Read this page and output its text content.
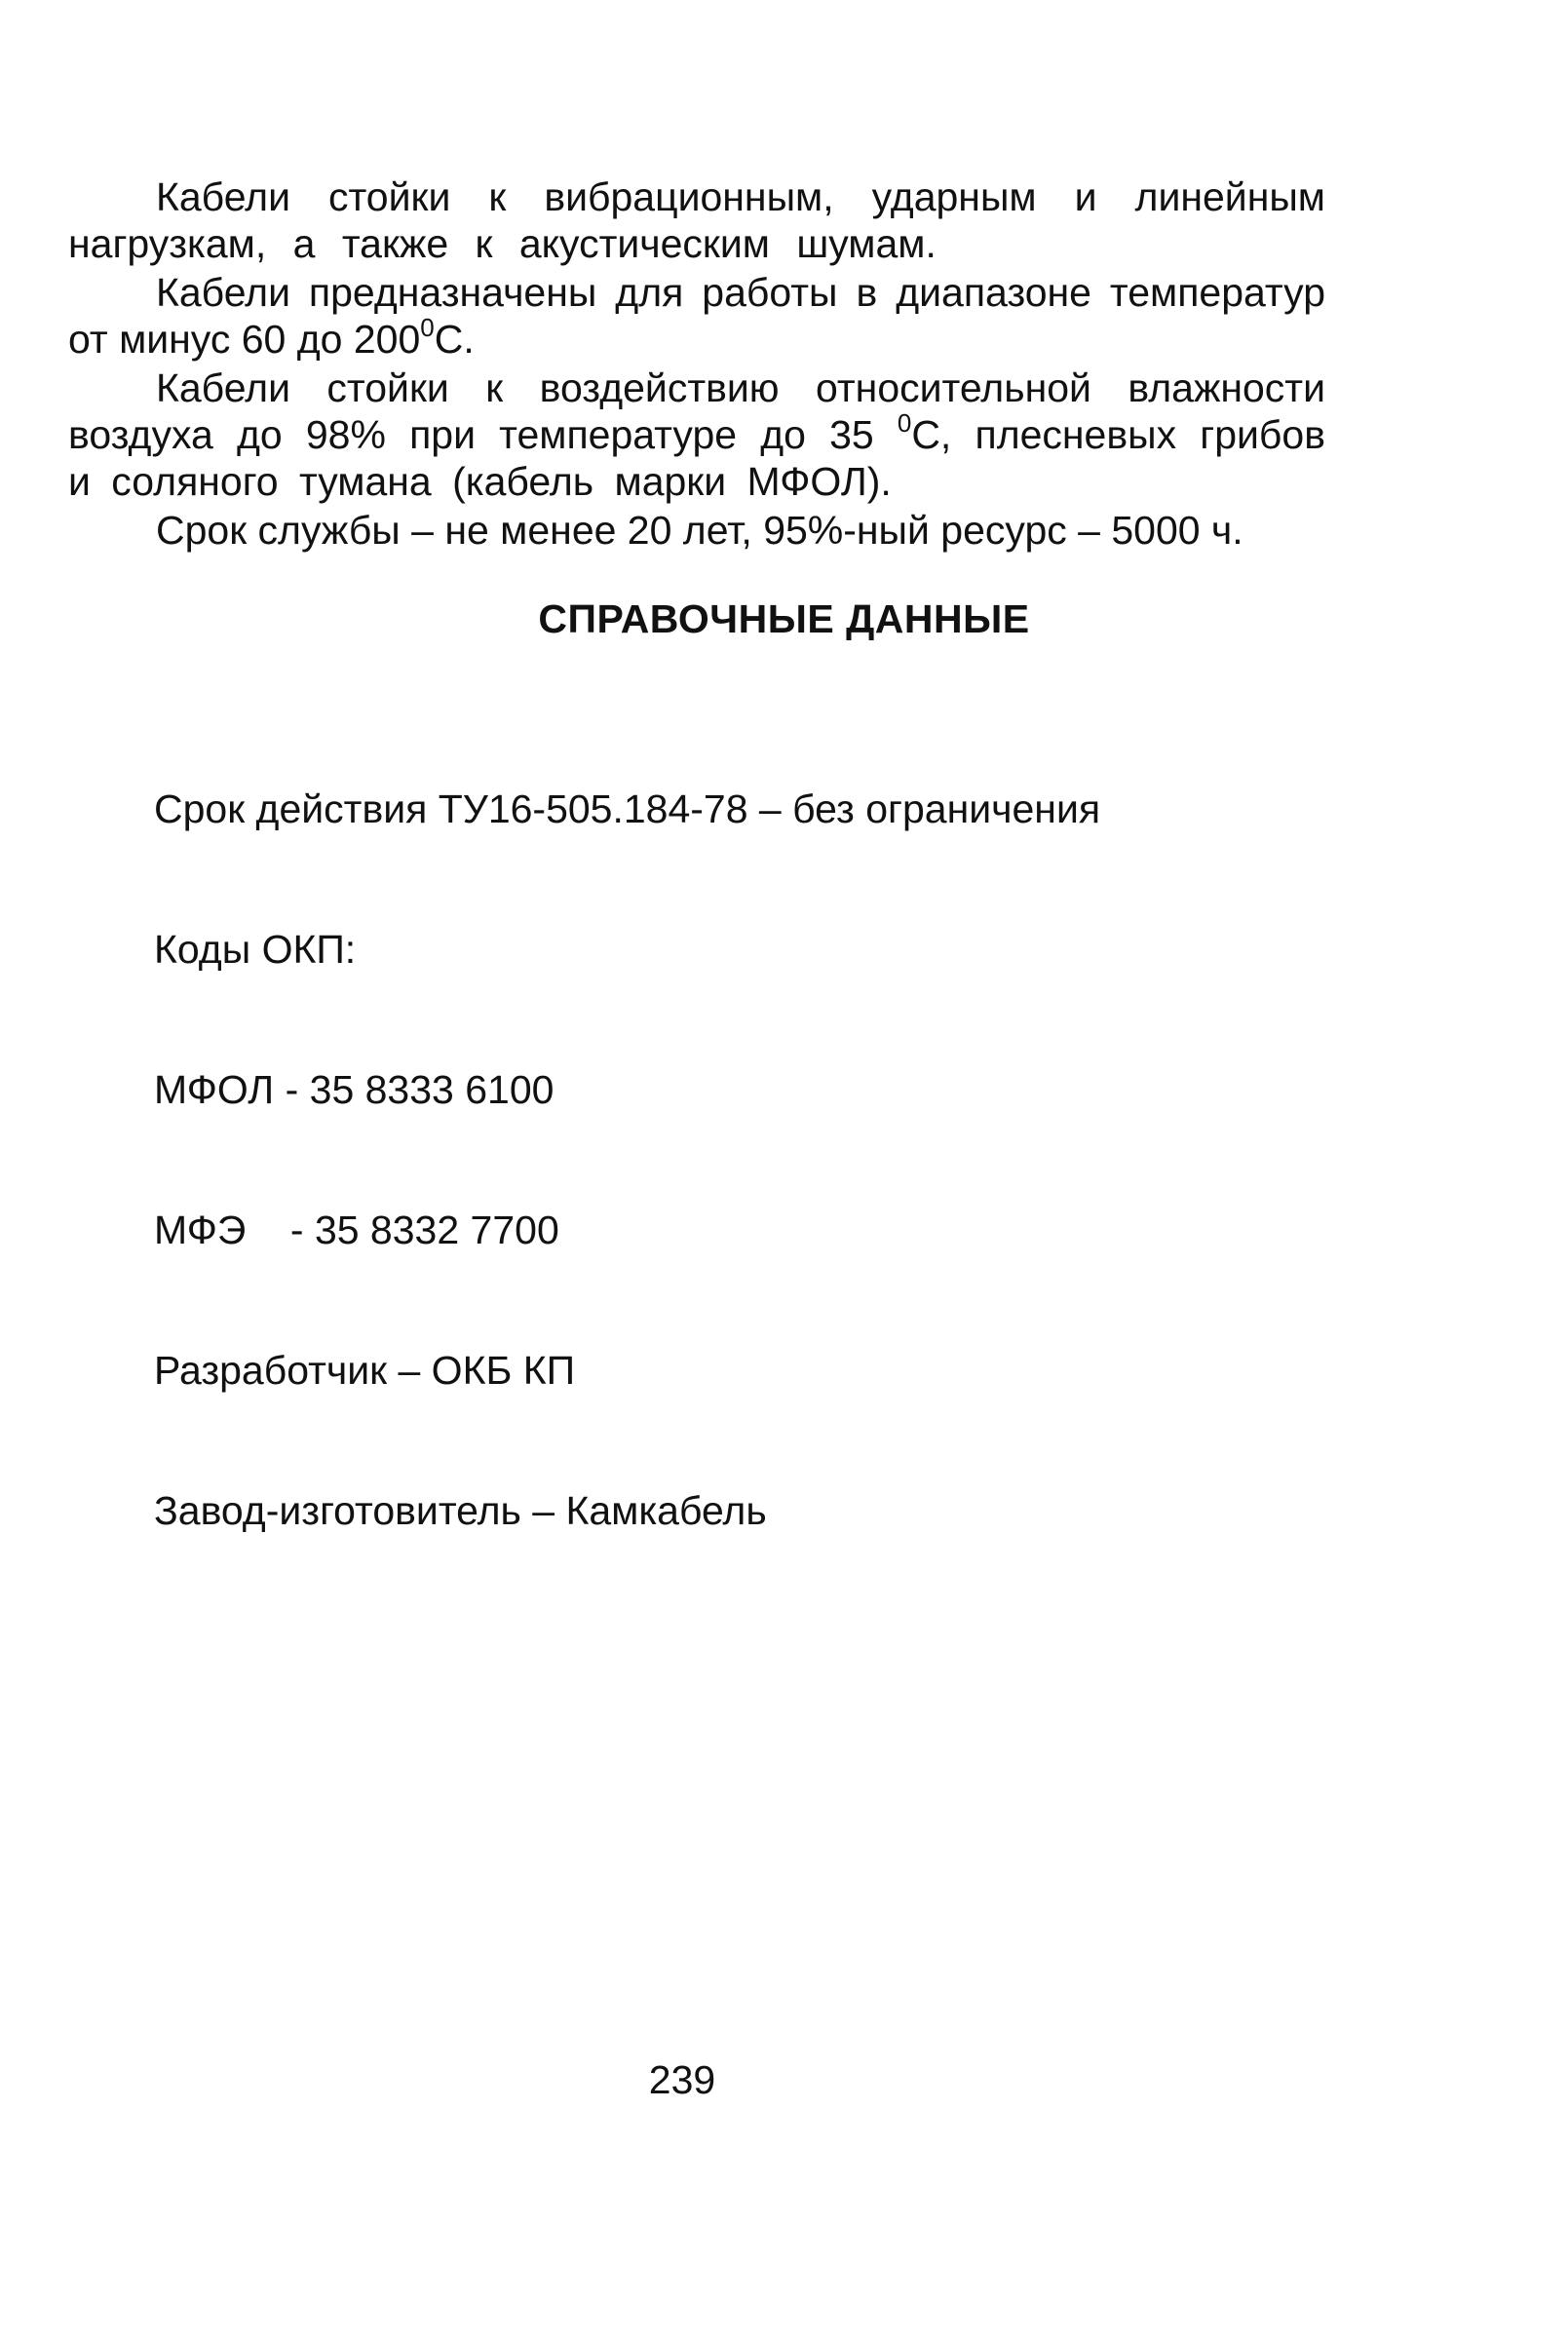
Кабели стойки к вибрационным, ударным и линейным нагрузкам, а также к акустическим шумам.

Кабели предназначены для работы в диапазоне температур от минус 60 до $200^0С$.

Кабели стойки к воздействию относительной влажности воздуха до 98% при температуре до 35 $^0$С, плесневых грибов и соляного тумана (кабель марки МФОЛ).

Срок службы – не менее 20 лет, 95%-ный ресурс – 5000 ч.

СПРАВОЧНЫЕ ДАННЫЕ

Срок действия ТУ16-505.184-78 – без ограничения

Коды ОКП:

МФОЛ - 35 8333 6100

МФЭ    - 35 8332 7700

Разработчик – ОКБ КП

Завод-изготовитель – Камкабель

239
